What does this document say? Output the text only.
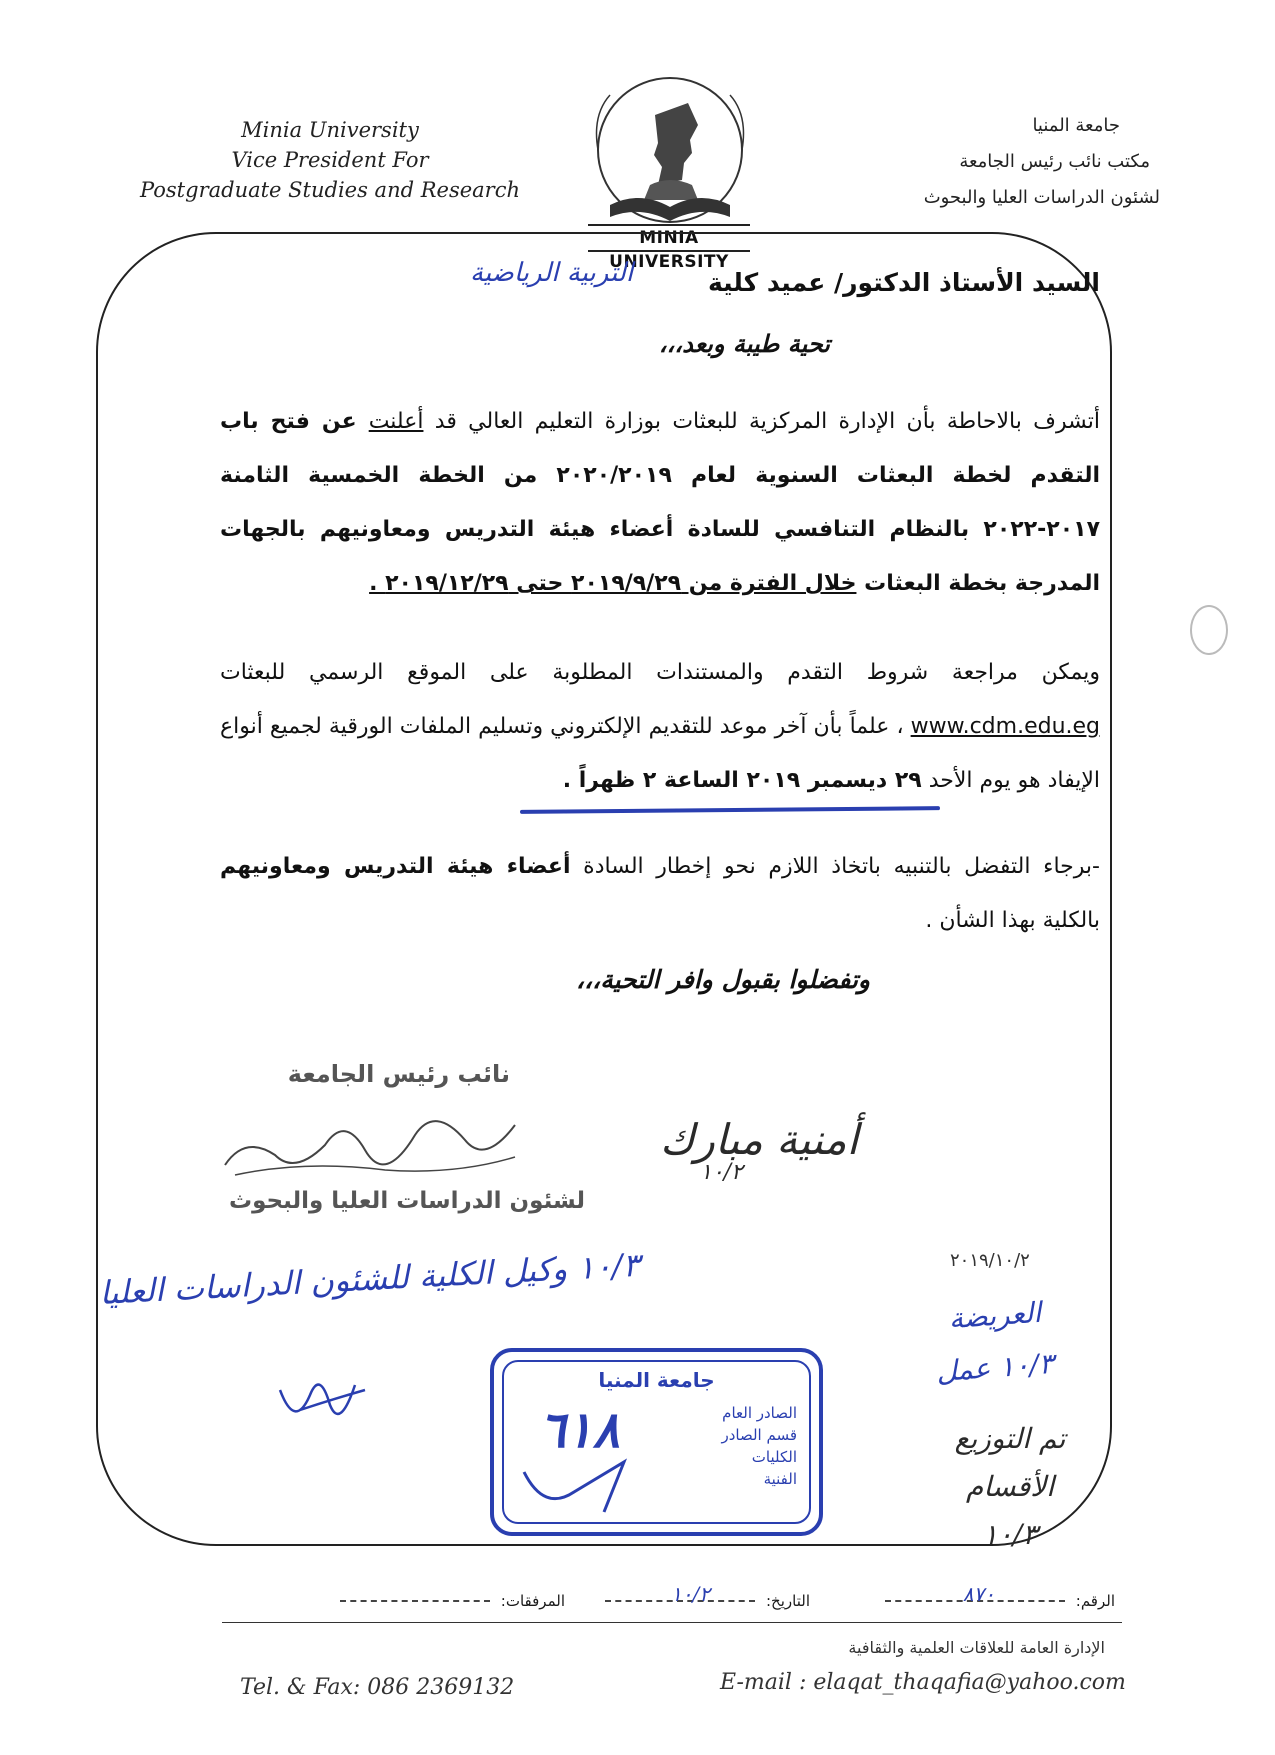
Minia University
Vice President For
Postgraduate Studies and Research
جامعة المنيا
مكتب نائب رئيس الجامعة
لشئون الدراسات العليا والبحوث
MINIA UNIVERSITY
السيد الأستاذ الدكتور/ عميد كلية
التربية الرياضية
تحية طيبة وبعد،،،
أتشرف بالاحاطة بأن الإدارة المركزية للبعثات بوزارة التعليم العالي قد أعلنت عن فتح باب التقدم لخطة البعثات السنوية لعام ٢٠٢٠/٢٠١٩ من الخطة الخمسية الثامنة ٢٠١٧-٢٠٢٢ بالنظام التنافسي للسادة أعضاء هيئة التدريس ومعاونيهم بالجهات المدرجة بخطة البعثات خلال الفترة من ٢٠١٩/٩/٢٩ حتى ٢٠١٩/١٢/٢٩ .
ويمكن مراجعة شروط التقدم والمستندات المطلوبة على الموقع الرسمي للبعثات www.cdm.edu.eg ، علماً بأن آخر موعد للتقديم الإلكتروني وتسليم الملفات الورقية لجميع أنواع الإيفاد هو يوم الأحد ٢٩ ديسمبر ٢٠١٩ الساعة ٢ ظهراً .
-برجاء التفضل بالتنبيه باتخاذ اللازم نحو إخطار السادة أعضاء هيئة التدريس ومعاونيهم بالكلية بهذا الشأن .
وتفضلوا بقبول وافر التحية،،،
نائب رئيس الجامعة
لشئون الدراسات العليا والبحوث
أمنية مبارك
١٠/٢
٢٠١٩/١٠/٢
١٠/٣ وكيل الكلية للشئون الدراسات العليا
جامعة المنيا
الصادر العام
قسم الصادر
الكليات
الفنية
٦١٨
العريضة
١٠/٣ عمل
تم التوزيع
الأقسام
١٠/٣
الرقم:
٨٧٠
التاريخ:
١٠/٢
المرفقات:
الإدارة العامة للعلاقات العلمية والثقافية
Tel. & Fax: 086 2369132	E-mail : elaqat_thaqafia@yahoo.com
